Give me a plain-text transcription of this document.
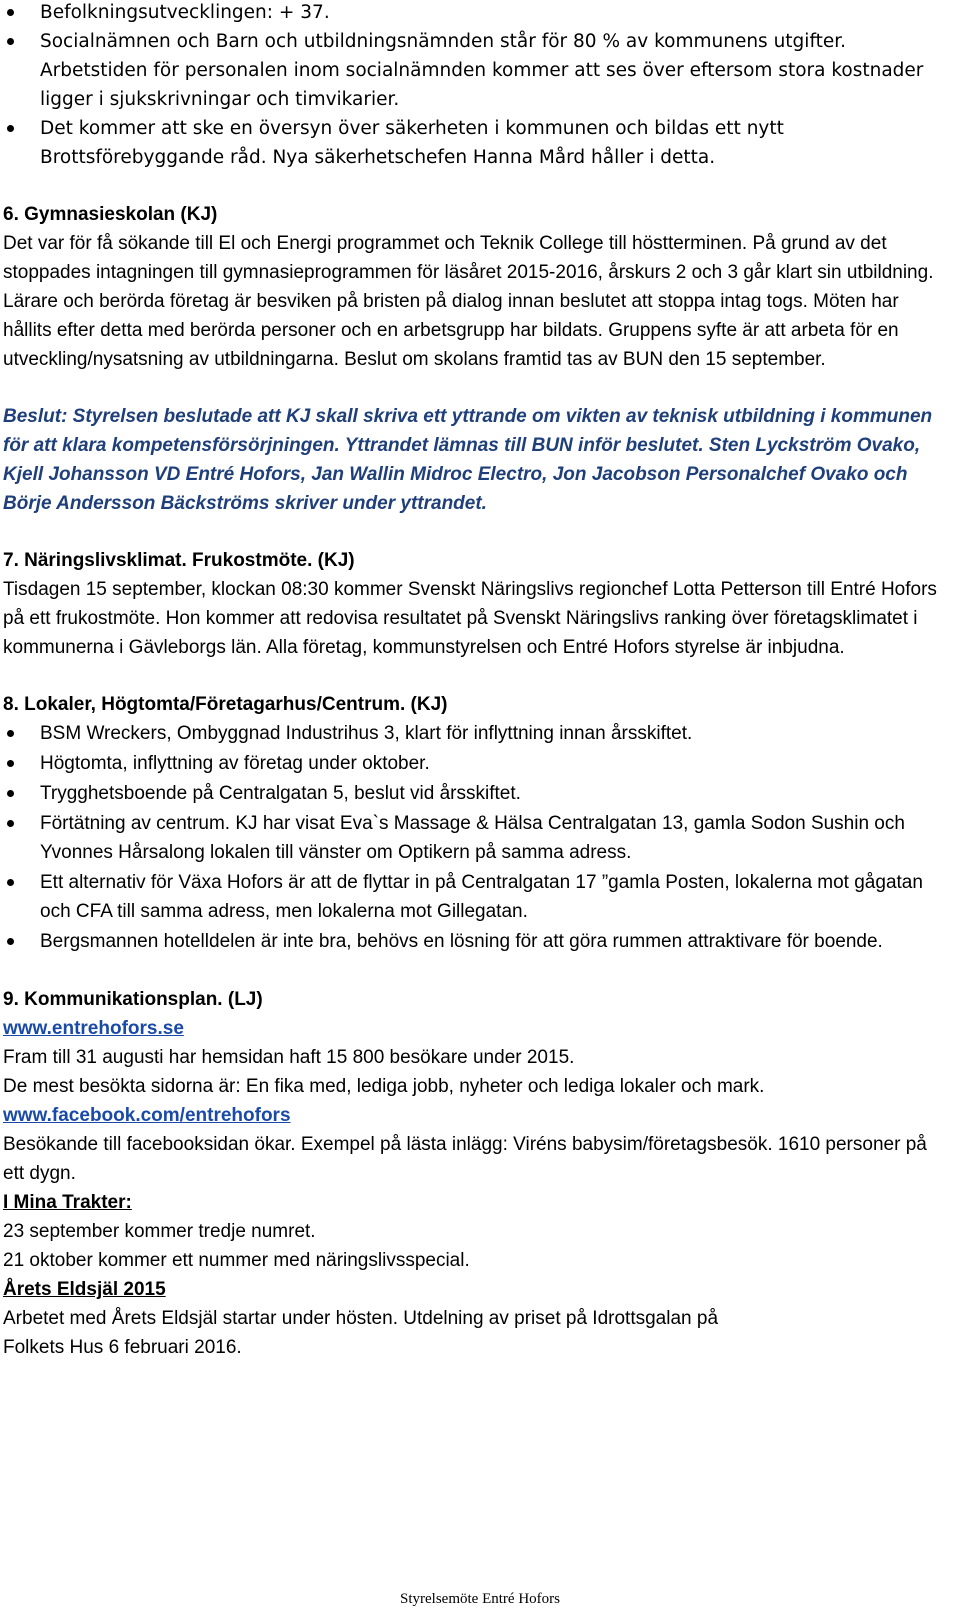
Befolkningsutvecklingen: + 37.
Socialnämnen och Barn och utbildningsnämnden står för 80 % av kommunens utgifter. Arbetstiden för personalen inom socialnämnden kommer att ses över eftersom stora kostnader ligger i sjukskrivningar och timvikarier.
Det kommer att ske en översyn över säkerheten i kommunen och bildas ett nytt Brottsförebyggande råd. Nya säkerhetschefen Hanna Mård håller i detta.

6. Gymnasieskolan (KJ)

Det var för få sökande till El och Energi programmet och Teknik College till höstterminen. På grund av det stoppades intagningen till gymnasieprogrammen för läsåret 2015-2016, årskurs 2 och 3 går klart sin utbildning.

Lärare och berörda företag är besviken på bristen på dialog innan beslutet att stoppa intag togs. Möten har hållits efter detta med berörda personer och en arbetsgrupp har bildats. Gruppens syfte är att arbeta för en utveckling/nysatsning av utbildningarna. Beslut om skolans framtid tas av BUN den 15 september.

Beslut: Styrelsen beslutade att KJ skall skriva ett yttrande om vikten av teknisk utbildning i kommunen för att klara kompetensförsörjningen. Yttrandet lämnas till BUN inför beslutet. Sten Lyckström Ovako, Kjell Johansson VD Entré Hofors, Jan Wallin Midroc Electro, Jon Jacobson Personalchef Ovako och Börje Andersson Bäckströms skriver under yttrandet.

7. Näringslivsklimat. Frukostmöte. (KJ)

Tisdagen 15 september, klockan 08:30 kommer Svenskt Näringslivs regionchef Lotta Petterson till Entré Hofors på ett frukostmöte. Hon kommer att redovisa resultatet på Svenskt Näringslivs ranking över företagsklimatet i kommunerna i Gävleborgs län. Alla företag, kommunstyrelsen och Entré Hofors styrelse är inbjudna.

8. Lokaler, Högtomta/Företagarhus/Centrum. (KJ)

BSM Wreckers, Ombyggnad Industrihus 3, klart för inflyttning innan årsskiftet.
Högtomta, inflyttning av företag under oktober.
Trygghetsboende på Centralgatan 5, beslut vid årsskiftet.
Förtätning av centrum. KJ har visat Eva`s Massage & Hälsa Centralgatan 13, gamla Sodon Sushin och Yvonnes Hårsalong lokalen till vänster om Optikern på samma adress.
Ett alternativ för Växa Hofors är att de flyttar in på Centralgatan 17 ”gamla Posten, lokalerna mot gågatan och CFA till samma adress, men lokalerna mot Gillegatan.
Bergsmannen hotelldelen är inte bra, behövs en lösning för att göra rummen attraktivare för boende.

9. Kommunikationsplan. (LJ)

www.entrehofors.se

Fram till 31 augusti har hemsidan haft 15 800 besökare under 2015.

De mest besökta sidorna är: En fika med, lediga jobb, nyheter och lediga lokaler och mark.

www.facebook.com/entrehofors

Besökande till facebooksidan ökar. Exempel på lästa inlägg: Viréns babysim/företagsbesök. 1610 personer på ett dygn.

I Mina Trakter:

23 september kommer tredje numret.

21 oktober kommer ett nummer med näringslivsspecial.

Årets Eldsjäl 2015

Arbetet med Årets Eldsjäl startar under hösten. Utdelning av priset på Idrottsgalan på

Folkets Hus 6 februari 2016.

Styrelsemöte Entré Hofors
